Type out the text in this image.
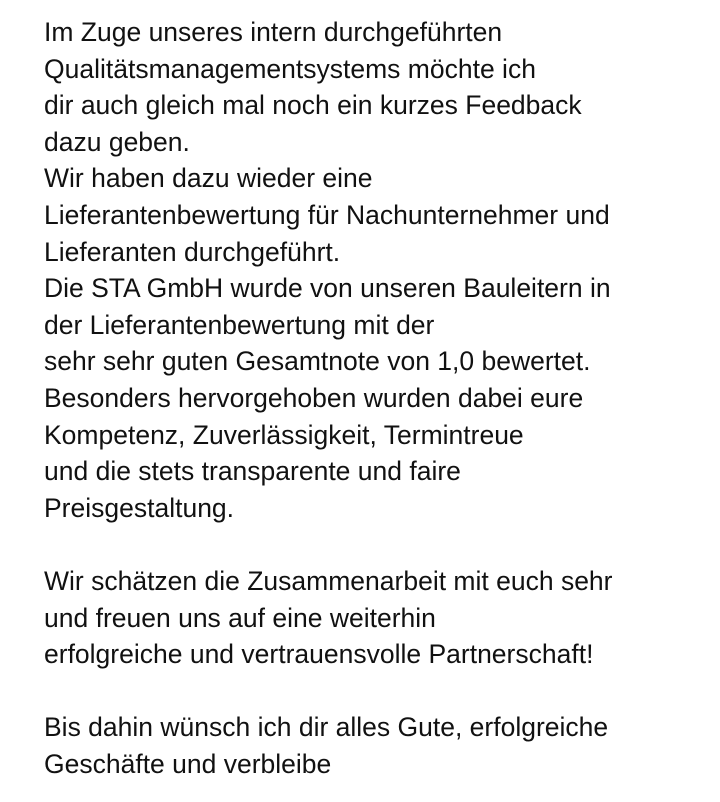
Im Zuge unseres intern durchgeführten
Qualitätsmanagementsystems möchte ich
dir auch gleich mal noch ein kurzes Feedback
dazu geben.
Wir haben dazu wieder eine
Lieferantenbewertung für Nachunternehmer und
Lieferanten durchgeführt.
Die STA GmbH wurde von unseren Bauleitern in
der Lieferantenbewertung mit der
sehr sehr guten Gesamtnote von 1,0 bewertet.
Besonders hervorgehoben wurden dabei eure
Kompetenz, Zuverlässigkeit, Termintreue
und die stets transparente und faire
Preisgestaltung.

Wir schätzen die Zusammenarbeit mit euch sehr
und freuen uns auf eine weiterhin
erfolgreiche und vertrauensvolle Partnerschaft!

Bis dahin wünsch ich dir alles Gute, erfolgreiche
Geschäfte und verbleibe
